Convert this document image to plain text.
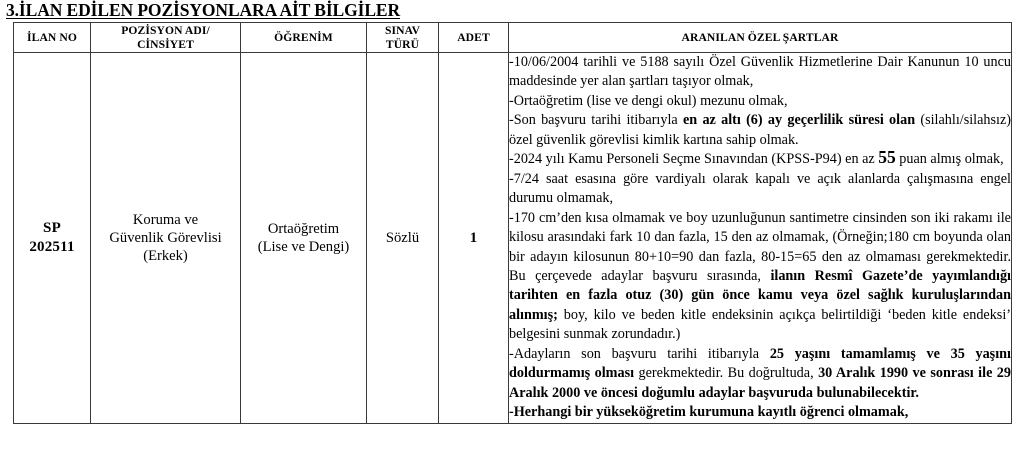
3.İLAN EDİLEN POZİSYONLARA AİT BİLGİLER
İLAN NO	POZİSYON ADI/
CİNSİYET	ÖĞRENİM	SINAV
TÜRÜ	ADET	ARANILAN ÖZEL ŞARTLAR

SP
202511

Koruma ve
Güvenlik Görevlisi
(Erkek)

Ortaöğretim
(Lise ve Dengi)

Sözlü	1

-10/06/2004 tarihli ve 5188 sayılı Özel Güvenlik Hizmetlerine Dair Kanunun 10 uncu maddesinde yer alan şartları taşıyor olmak,

-Ortaöğretim (lise ve dengi okul) mezunu olmak,

-Son başvuru tarihi itibarıyla en az altı (6) ay geçerlilik süresi olan (silahlı/silahsız) özel güvenlik görevlisi kimlik kartına sahip olmak.

-2024 yılı Kamu Personeli Seçme Sınavından (KPSS-P94) en az 55 puan almış olmak,

-7/24 saat esasına göre vardiyalı olarak kapalı ve açık alanlarda çalışmasına engel durumu olmamak,

-170 cm’den kısa olmamak ve boy uzunluğunun santimetre cinsinden son iki rakamı ile kilosu arasındaki fark 10 dan fazla, 15 den az olmamak, (Örneğin;180 cm boyunda olan bir adayın kilosunun 80+10=90 dan fazla, 80-15=65 den az olmaması gerekmektedir. Bu çerçevede adaylar başvuru sırasında, ilanın Resmî Gazete’de yayımlandığı tarihten en fazla otuz (30) gün önce kamu veya özel sağlık kuruluşlarından alınmış; boy, kilo ve beden kitle endeksinin açıkça belirtildiği ‘beden kitle endeksi’ belgesini sunmak zorundadır.)

-Adayların son başvuru tarihi itibarıyla 25 yaşını tamamlamış ve 35 yaşını doldurmamış olması gerekmektedir. Bu doğrultuda, 30 Aralık 1990 ve sonrası ile 29 Aralık 2000 ve öncesi doğumlu adaylar başvuruda bulunabilecektir.

-Herhangi bir yükseköğretim kurumuna kayıtlı öğrenci olmamak,
